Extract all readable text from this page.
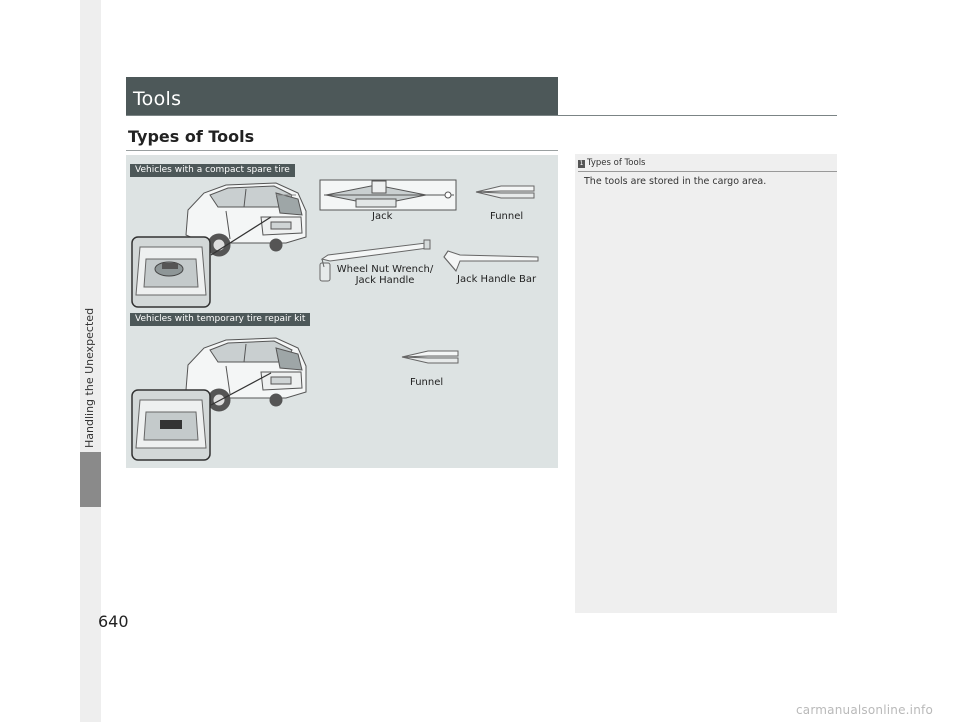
Handling the Unexpected
640
Tools
Types of Tools
Vehicles with a compact spare tire
Vehicles with temporary tire repair kit
Jack	Funnel
Wheel Nut Wrench/
Jack Handle	Jack Handle Bar
Funnel
1 Types of Tools
The tools are stored in the cargo area.
carmanualsonline.info
